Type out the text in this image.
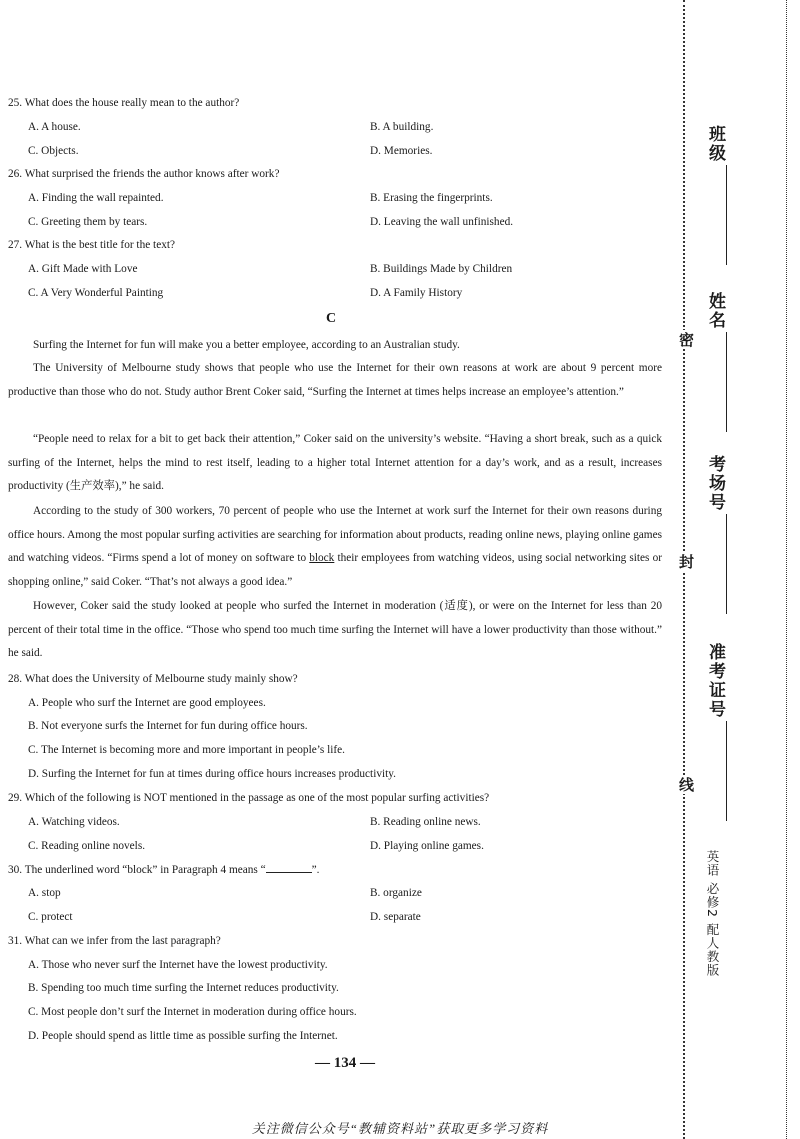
25. What does the house really mean to the author?
A. A house.	B. A building.
C. Objects.	D. Memories.
26. What surprised the friends the author knows after work?
A. Finding the wall repainted.	B. Erasing the fingerprints.
C. Greeting them by tears.	D. Leaving the wall unfinished.
27. What is the best title for the text?
A. Gift Made with Love	B. Buildings Made by Children
C. A Very Wonderful Painting	D. A Family History
C
Surfing the Internet for fun will make you a better employee, according to an Australian study.
The University of Melbourne study shows that people who use the Internet for their own reasons at work are about 9 percent more productive than those who do not. Study author Brent Coker said, “Surfing the Internet at times helps increase an employee’s attention.”
“People need to relax for a bit to get back their attention,” Coker said on the university’s website. “Having a short break, such as a quick surfing of the Internet, helps the mind to rest itself, leading to a higher total Internet attention for a day’s work, and as a result, increases productivity (生产效率),” he said.
According to the study of 300 workers, 70 percent of people who use the Internet at work surf the Internet for their own reasons during office hours. Among the most popular surfing activities are searching for information about products, reading online news, playing online games and watching videos. “Firms spend a lot of money on software to block their employees from watching videos, using social networking sites or shopping online,” said Coker. “That’s not always a good idea.”
However, Coker said the study looked at people who surfed the Internet in moderation (适度), or were on the Internet for less than 20 percent of their total time in the office. “Those who spend too much time surfing the Internet will have a lower productivity than those without.” he said.
28. What does the University of Melbourne study mainly show?
A. People who surf the Internet are good employees.
B. Not everyone surfs the Internet for fun during office hours.
C. The Internet is becoming more and more important in people’s life.
D. Surfing the Internet for fun at times during office hours increases productivity.
29. Which of the following is NOT mentioned in the passage as one of the most popular surfing activities?
A. Watching videos.	B. Reading online news.
C. Reading online novels.	D. Playing online games.
30. The underlined word “block” in Paragraph 4 means “	”.
A. stop	B. organize
C. protect	D. separate
31. What can we infer from the last paragraph?
A. Those who never surf the Internet have the lowest productivity.
B. Spending too much time surfing the Internet reduces productivity.
C. Most people don’t surf the Internet in moderation during office hours.
D. People should spend as little time as possible surfing the Internet.
— 134 —
关注微信公众号“教辅资料站”获取更多学习资料
密
封
线
班级
姓名
考场号
准考证号
英语 必修2 配人教版
